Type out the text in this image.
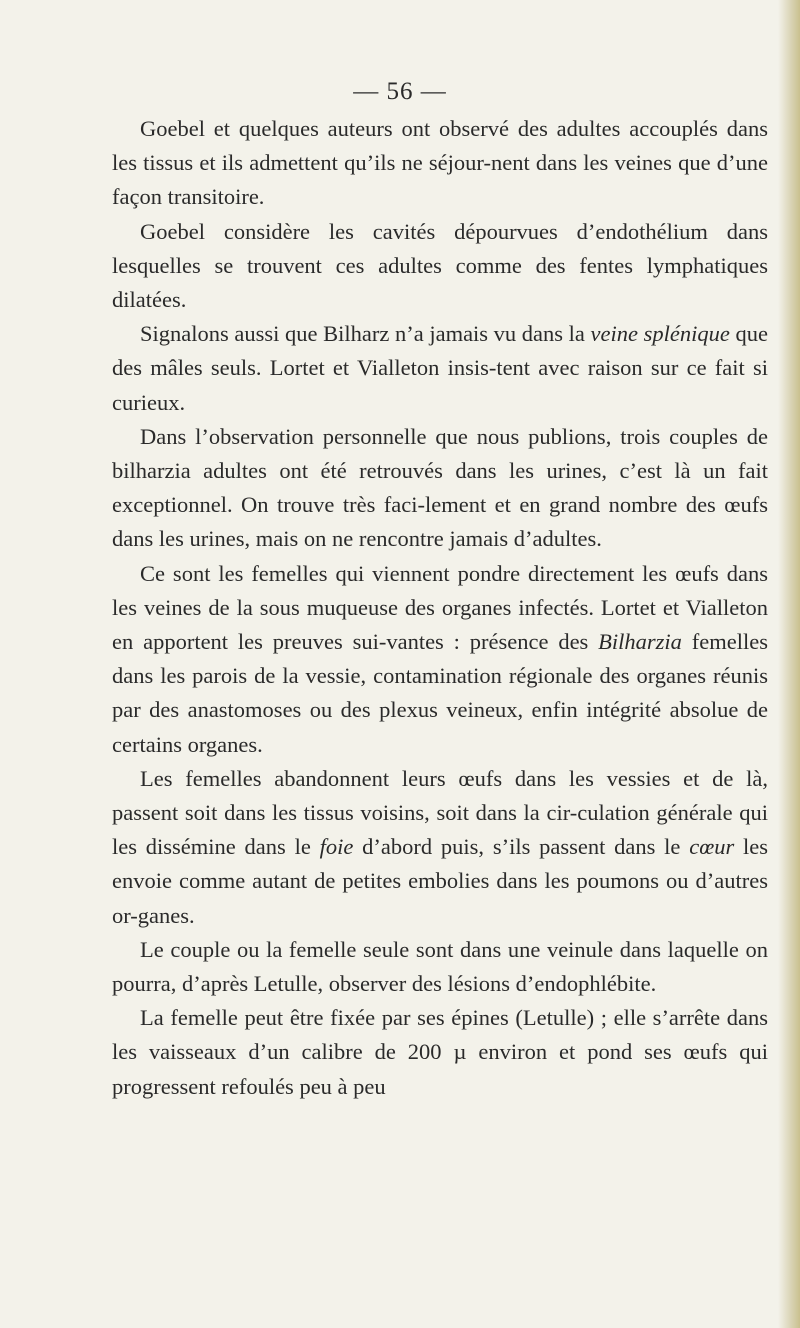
— 56 —

Goebel et quelques auteurs ont observé des adultes accouplés dans les tissus et ils admettent qu’ils ne séjour-nent dans les veines que d’une façon transitoire.

Goebel considère les cavités dépourvues d’endothélium dans lesquelles se trouvent ces adultes comme des fentes lymphatiques dilatées.

Signalons aussi que Bilharz n’a jamais vu dans la veine splénique que des mâles seuls. Lortet et Vialleton insis-tent avec raison sur ce fait si curieux.

Dans l’observation personnelle que nous publions, trois couples de bilharzia adultes ont été retrouvés dans les urines, c’est là un fait exceptionnel. On trouve très faci-lement et en grand nombre des œufs dans les urines, mais on ne rencontre jamais d’adultes.

Ce sont les femelles qui viennent pondre directement les œufs dans les veines de la sous muqueuse des organes infectés. Lortet et Vialleton en apportent les preuves sui-vantes : présence des Bilharzia femelles dans les parois de la vessie, contamination régionale des organes réunis par des anastomoses ou des plexus veineux, enfin intégrité absolue de certains organes.

Les femelles abandonnent leurs œufs dans les vessies et de là, passent soit dans les tissus voisins, soit dans la cir-culation générale qui les dissémine dans le foie d’abord puis, s’ils passent dans le cœur les envoie comme autant de petites embolies dans les poumons ou d’autres or-ganes.

Le couple ou la femelle seule sont dans une veinule dans laquelle on pourra, d’après Letulle, observer des lésions d’endophlébite.

La femelle peut être fixée par ses épines (Letulle) ; elle s’arrête dans les vaisseaux d’un calibre de 200 µ environ et pond ses œufs qui progressent refoulés peu à peu
